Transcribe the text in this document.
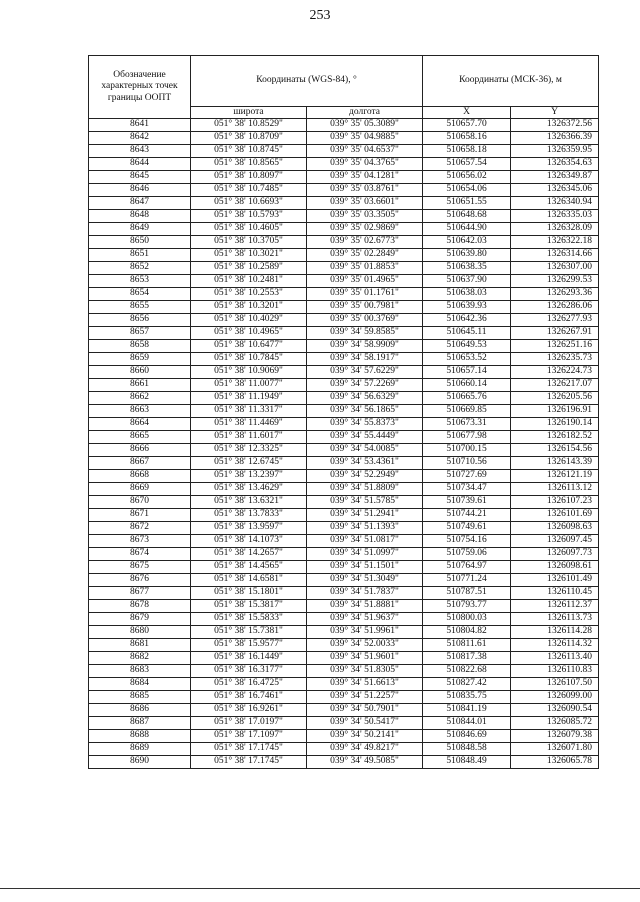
253
Обозначение характерных точек границы ООПТ	Координаты (WGS-84), °		Координаты (МСК-36), м	
	широта	долгота	X	Y
8641	051° 38' 10.8529"	039° 35' 05.3089"	510657.70	1326372.56
8642	051° 38' 10.8709"	039° 35' 04.9885"	510658.16	1326366.39
8643	051° 38' 10.8745"	039° 35' 04.6537"	510658.18	1326359.95
8644	051° 38' 10.8565"	039° 35' 04.3765"	510657.54	1326354.63
8645	051° 38' 10.8097"	039° 35' 04.1281"	510656.02	1326349.87
8646	051° 38' 10.7485"	039° 35' 03.8761"	510654.06	1326345.06
8647	051° 38' 10.6693"	039° 35' 03.6601"	510651.55	1326340.94
8648	051° 38' 10.5793"	039° 35' 03.3505"	510648.68	1326335.03
8649	051° 38' 10.4605"	039° 35' 02.9869"	510644.90	1326328.09
8650	051° 38' 10.3705"	039° 35' 02.6773"	510642.03	1326322.18
8651	051° 38' 10.3021"	039° 35' 02.2849"	510639.80	1326314.66
8652	051° 38' 10.2589"	039° 35' 01.8853"	510638.35	1326307.00
8653	051° 38' 10.2481"	039° 35' 01.4965"	510637.90	1326299.53
8654	051° 38' 10.2553"	039° 35' 01.1761"	510638.03	1326293.36
8655	051° 38' 10.3201"	039° 35' 00.7981"	510639.93	1326286.06
8656	051° 38' 10.4029"	039° 35' 00.3769"	510642.36	1326277.93
8657	051° 38' 10.4965"	039° 34' 59.8585"	510645.11	1326267.91
8658	051° 38' 10.6477"	039° 34' 58.9909"	510649.53	1326251.16
8659	051° 38' 10.7845"	039° 34' 58.1917"	510653.52	1326235.73
8660	051° 38' 10.9069"	039° 34' 57.6229"	510657.14	1326224.73
8661	051° 38' 11.0077"	039° 34' 57.2269"	510660.14	1326217.07
8662	051° 38' 11.1949"	039° 34' 56.6329"	510665.76	1326205.56
8663	051° 38' 11.3317"	039° 34' 56.1865"	510669.85	1326196.91
8664	051° 38' 11.4469"	039° 34' 55.8373"	510673.31	1326190.14
8665	051° 38' 11.6017"	039° 34' 55.4449"	510677.98	1326182.52
8666	051° 38' 12.3325"	039° 34' 54.0085"	510700.15	1326154.56
8667	051° 38' 12.6745"	039° 34' 53.4361"	510710.56	1326143.39
8668	051° 38' 13.2397"	039° 34' 52.2949"	510727.69	1326121.19
8669	051° 38' 13.4629"	039° 34' 51.8809"	510734.47	1326113.12
8670	051° 38' 13.6321"	039° 34' 51.5785"	510739.61	1326107.23
8671	051° 38' 13.7833"	039° 34' 51.2941"	510744.21	1326101.69
8672	051° 38' 13.9597"	039° 34' 51.1393"	510749.61	1326098.63
8673	051° 38' 14.1073"	039° 34' 51.0817"	510754.16	1326097.45
8674	051° 38' 14.2657"	039° 34' 51.0997"	510759.06	1326097.73
8675	051° 38' 14.4565"	039° 34' 51.1501"	510764.97	1326098.61
8676	051° 38' 14.6581"	039° 34' 51.3049"	510771.24	1326101.49
8677	051° 38' 15.1801"	039° 34' 51.7837"	510787.51	1326110.45
8678	051° 38' 15.3817"	039° 34' 51.8881"	510793.77	1326112.37
8679	051° 38' 15.5833"	039° 34' 51.9637"	510800.03	1326113.73
8680	051° 38' 15.7381"	039° 34' 51.9961"	510804.82	1326114.28
8681	051° 38' 15.9577"	039° 34' 52.0033"	510811.61	1326114.32
8682	051° 38' 16.1449"	039° 34' 51.9601"	510817.38	1326113.40
8683	051° 38' 16.3177"	039° 34' 51.8305"	510822.68	1326110.83
8684	051° 38' 16.4725"	039° 34' 51.6613"	510827.42	1326107.50
8685	051° 38' 16.7461"	039° 34' 51.2257"	510835.75	1326099.00
8686	051° 38' 16.9261"	039° 34' 50.7901"	510841.19	1326090.54
8687	051° 38' 17.0197"	039° 34' 50.5417"	510844.01	1326085.72
8688	051° 38' 17.1097"	039° 34' 50.2141"	510846.69	1326079.38
8689	051° 38' 17.1745"	039° 34' 49.8217"	510848.58	1326071.80
8690	051° 38' 17.1745"	039° 34' 49.5085"	510848.49	1326065.78
